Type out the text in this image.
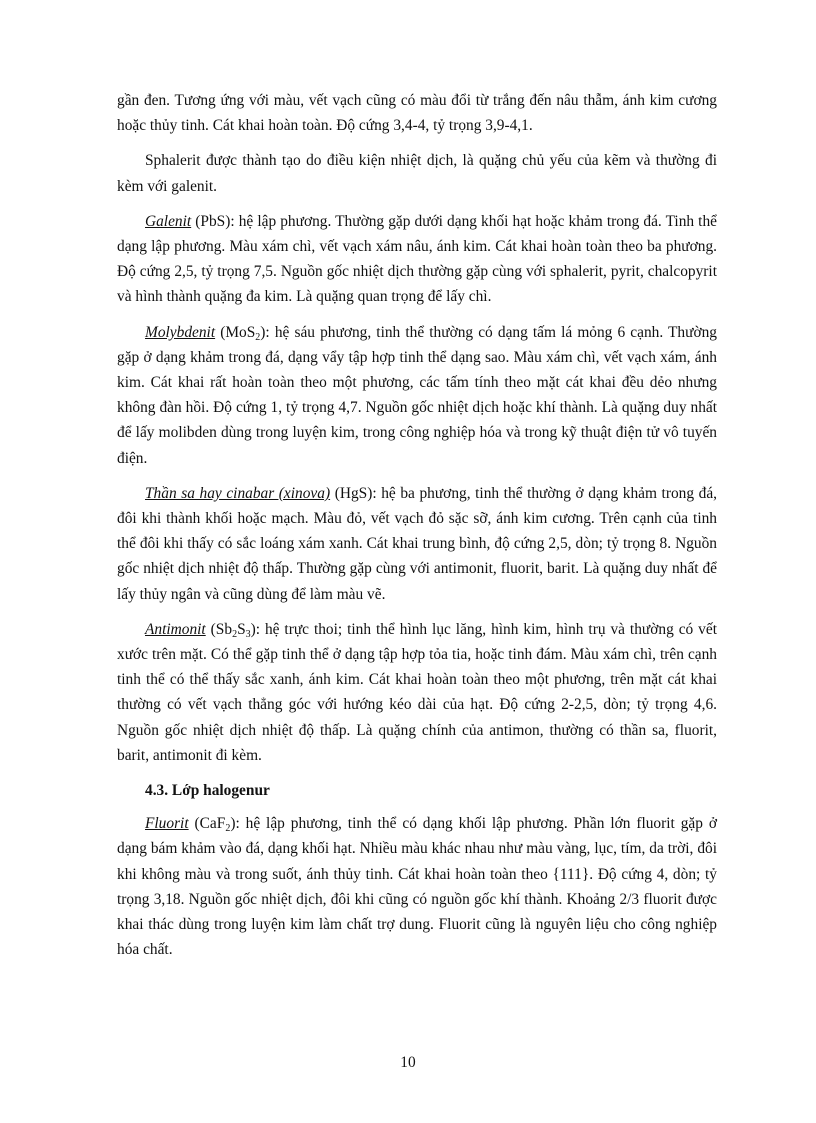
gần đen. Tương ứng với màu, vết vạch cũng có màu đổi từ trắng đến nâu thẫm, ánh kim cương hoặc thủy tinh. Cát khai hoàn toàn. Độ cứng 3,4-4, tỷ trọng 3,9-4,1.

Sphalerit được thành tạo do điều kiện nhiệt dịch, là quặng chủ yếu của kẽm và thường đi kèm với galenit.

Galenit (PbS): hệ lập phương. Thường gặp dưới dạng khối hạt hoặc khảm trong đá. Tinh thể dạng lập phương. Màu xám chì, vết vạch xám nâu, ánh kim. Cát khai hoàn toàn theo ba phương. Độ cứng 2,5, tỷ trọng 7,5. Nguồn gốc nhiệt dịch thường gặp cùng với sphalerit, pyrit, chalcopyrit và hình thành quặng đa kim. Là quặng quan trọng để lấy chì.

Molybdenit (MoS$_2$): hệ sáu phương, tinh thể thường có dạng tấm lá mỏng 6 cạnh. Thường gặp ở dạng khảm trong đá, dạng vẩy tập hợp tinh thể dạng sao. Màu xám chì, vết vạch xám, ánh kim. Cát khai rất hoàn toàn theo một phương, các tấm tính theo mặt cát khai đều dẻo nhưng không đàn hồi. Độ cứng 1, tỷ trọng 4,7. Nguồn gốc nhiệt dịch hoặc khí thành. Là quặng duy nhất để lấy molibden dùng trong luyện kim, trong công nghiệp hóa và trong kỹ thuật điện tử vô tuyến điện.

Thần sa hay cinabar (xinova) (HgS): hệ ba phương, tinh thể thường ở dạng khảm trong đá, đôi khi thành khối hoặc mạch. Màu đỏ, vết vạch đỏ sặc sỡ, ánh kim cương. Trên cạnh của tinh thể đôi khi thấy có sắc loáng xám xanh. Cát khai trung bình, độ cứng 2,5, dòn; tỷ trọng 8. Nguồn gốc nhiệt dịch nhiệt độ thấp. Thường gặp cùng với antimonit, fluorit, barit. Là quặng duy nhất để lấy thủy ngân và cũng dùng để làm màu vẽ.

Antimonit $(Sb_2S_3)$: hệ trực thoi; tinh thể hình lục lăng, hình kim, hình trụ và thường có vết xước trên mặt. Có thể gặp tinh thể ở dạng tập hợp tỏa tia, hoặc tinh đám. Màu xám chì, trên cạnh tinh thể có thể thấy sắc xanh, ánh kim. Cát khai hoàn toàn theo một phương, trên mặt cát khai thường có vết vạch thẳng góc với hướng kéo dài của hạt. Độ cứng 2-2,5, dòn; tỷ trọng 4,6. Nguồn gốc nhiệt dịch nhiệt độ thấp. Là quặng chính của antimon, thường có thần sa, fluorit, barit, antimonit đi kèm.

4.3. Lớp halogenur

Fluorit (CaF$_2$): hệ lập phương, tinh thể có dạng khối lập phương. Phần lớn fluorit gặp ở dạng bám khảm vào đá, dạng khối hạt. Nhiều màu khác nhau như màu vàng, lục, tím, da trời, đôi khi không màu và trong suốt, ánh thủy tinh. Cát khai hoàn toàn theo {111}. Độ cứng 4, dòn; tỷ trọng 3,18. Nguồn gốc nhiệt dịch, đôi khi cũng có nguồn gốc khí thành. Khoảng 2/3 fluorit được khai thác dùng trong luyện kim làm chất trợ dung. Fluorit cũng là nguyên liệu cho công nghiệp hóa chất.

10
